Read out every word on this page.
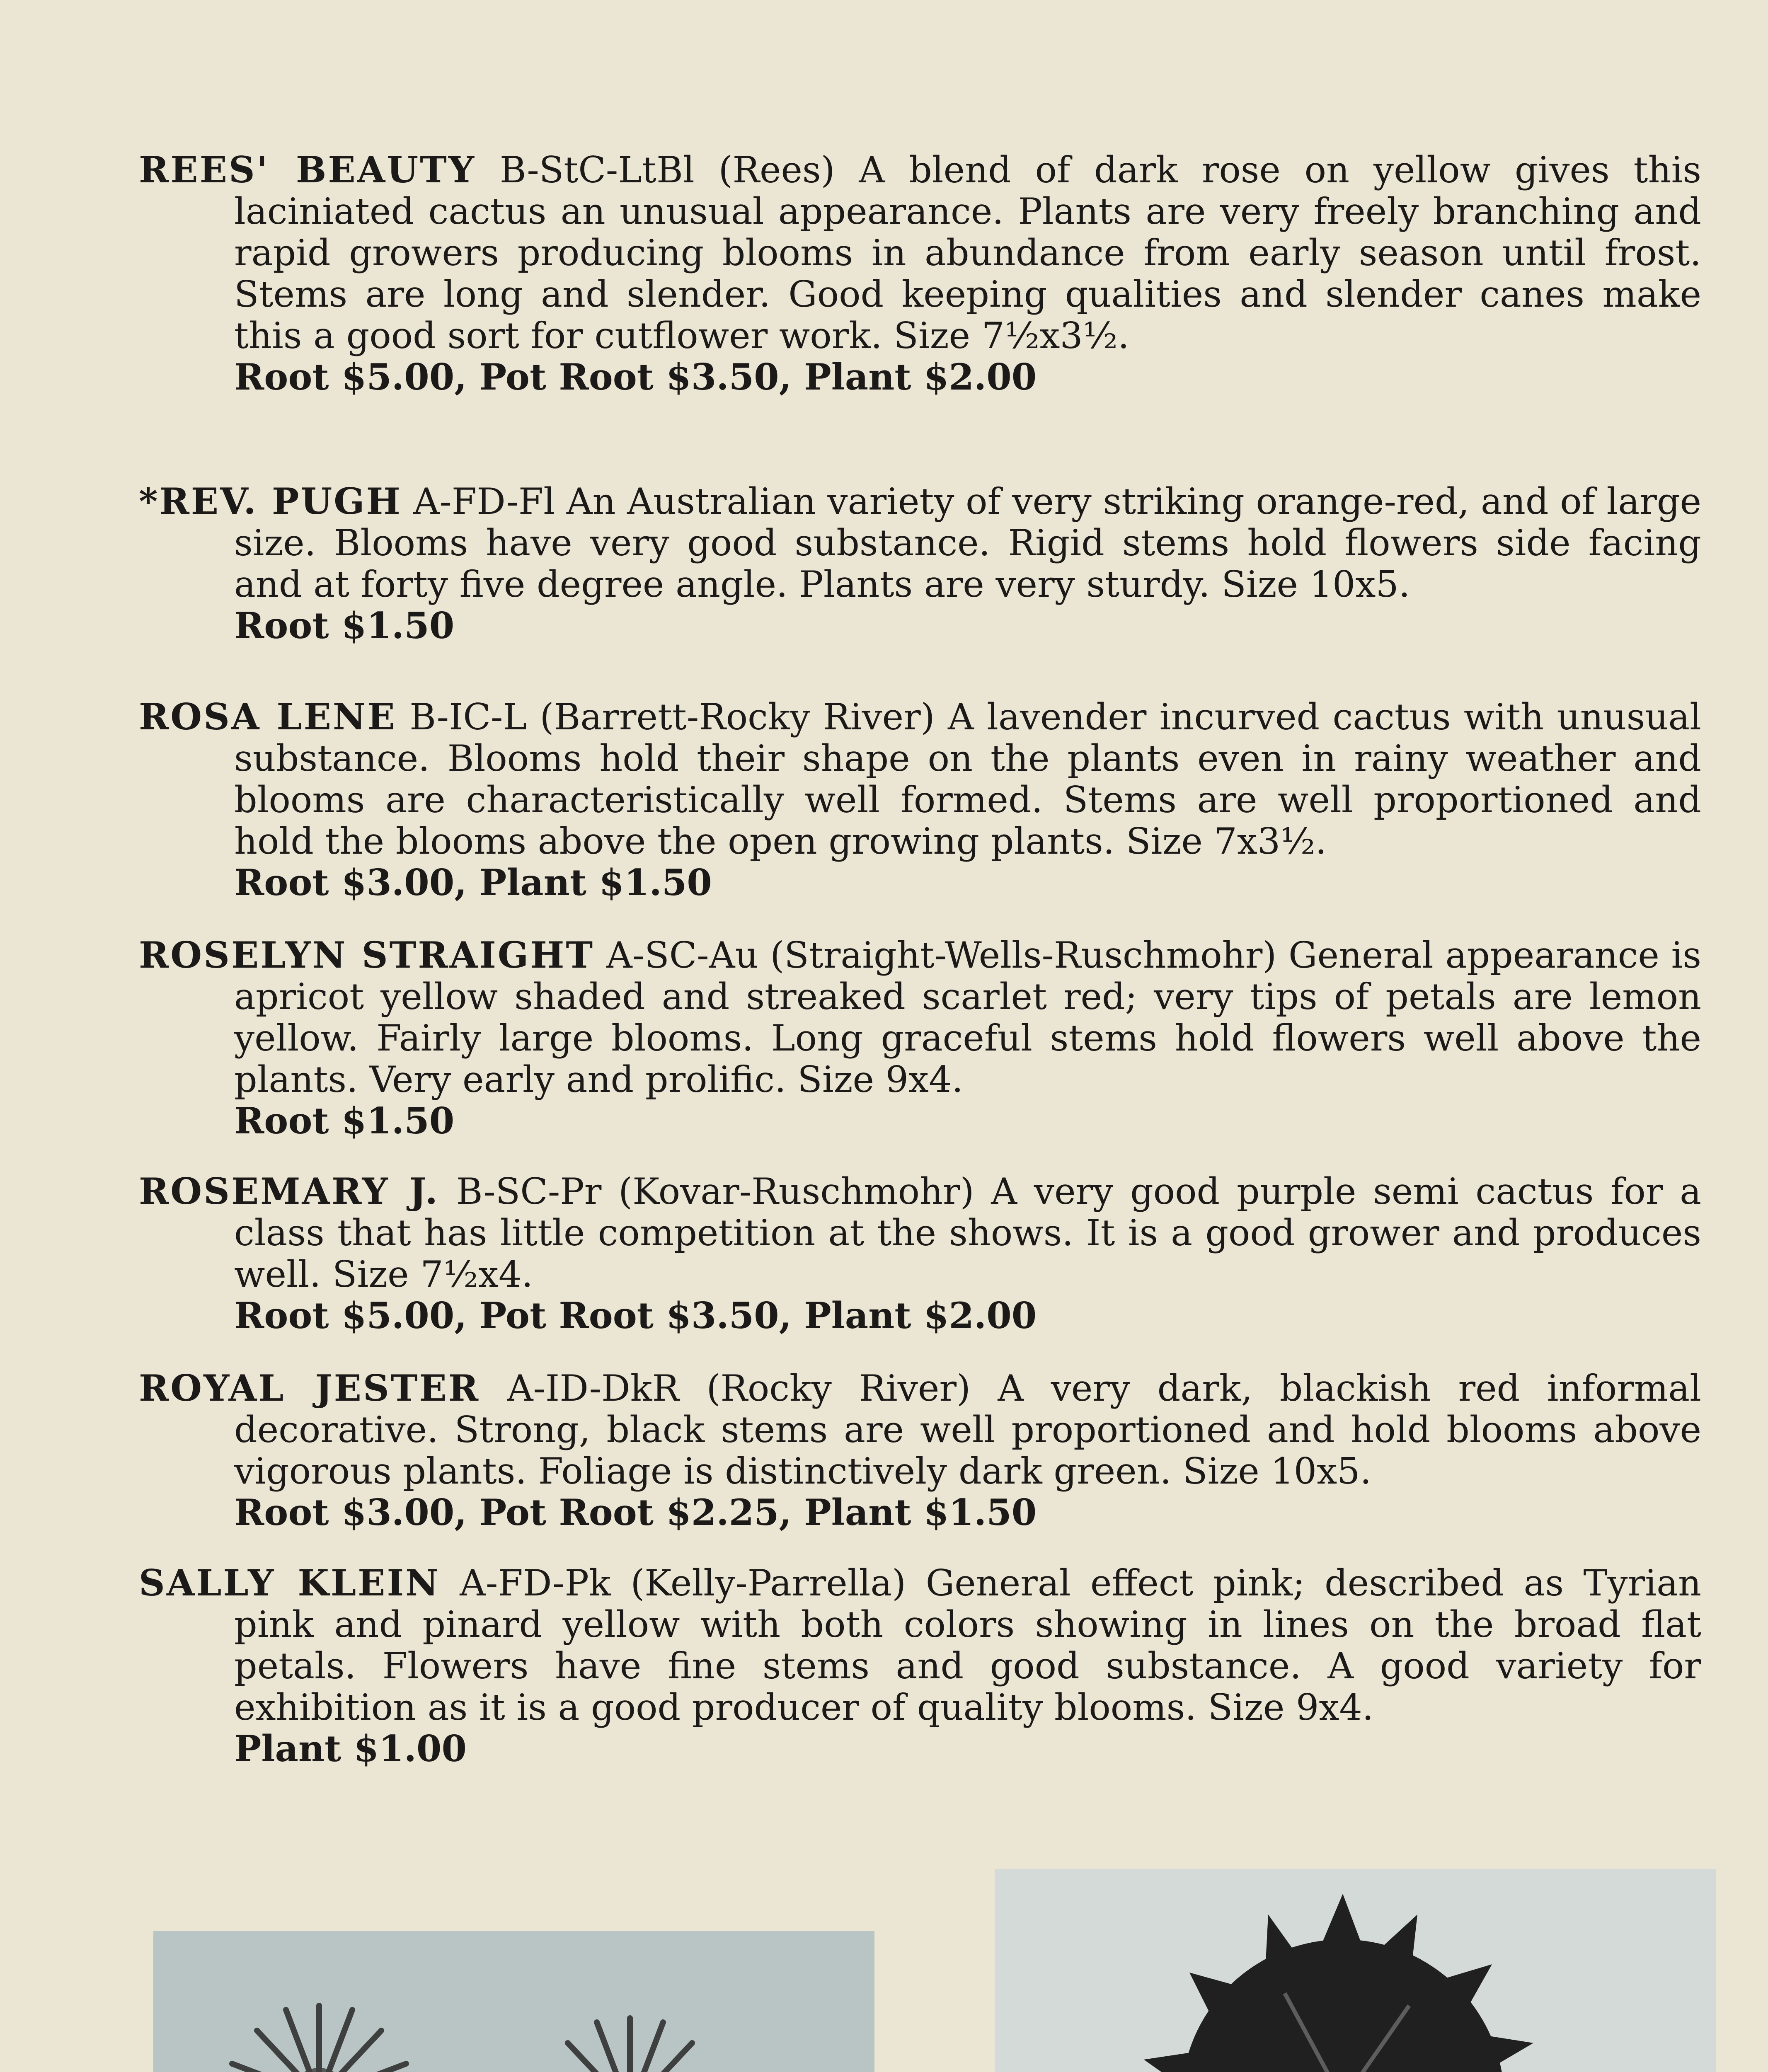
REES' BEAUTY B-StC-LtBl (Rees) A blend of dark rose on yellow gives this laciniated cactus an unusual appearance. Plants are very freely branching and rapid growers producing blooms in abundance from early season until frost. Stems are long and slender. Good keeping qualities and slender canes make this a good sort for cutflower work. Size 7½x3½.
Root $5.00, Pot Root $3.50, Plant $2.00
*REV. PUGH A-FD-Fl An Australian variety of very striking orange-red, and of large size. Blooms have very good substance. Rigid stems hold flowers side facing and at forty five degree angle. Plants are very sturdy. Size 10x5.
Root $1.50
ROSA LENE B-IC-L (Barrett-Rocky River) A lavender incurved cactus with unusual substance. Blooms hold their shape on the plants even in rainy weather and blooms are characteristically well formed. Stems are well proportioned and hold the blooms above the open growing plants. Size 7x3½.
Root $3.00, Plant $1.50
ROSELYN STRAIGHT A-SC-Au (Straight-Wells-Ruschmohr) General appearance is apricot yellow shaded and streaked scarlet red; very tips of petals are lemon yellow. Fairly large blooms. Long graceful stems hold flowers well above the plants. Very early and prolific. Size 9x4.
Root $1.50
ROSEMARY J. B-SC-Pr (Kovar-Ruschmohr) A very good purple semi cactus for a class that has little competition at the shows. It is a good grower and produces well. Size 7½x4.
Root $5.00, Pot Root $3.50, Plant $2.00
ROYAL JESTER A-ID-DkR (Rocky River) A very dark, blackish red informal decorative. Strong, black stems are well proportioned and hold blooms above vigorous plants. Foliage is distinctively dark green. Size 10x5.
Root $3.00, Pot Root $2.25, Plant $1.50
SALLY KLEIN A-FD-Pk (Kelly-Parrella) General effect pink; described as Tyrian pink and pinard yellow with both colors showing in lines on the broad flat petals. Flowers have fine stems and good substance. A good variety for exhibition as it is a good producer of quality blooms. Size 9x4.
Plant $1.00
